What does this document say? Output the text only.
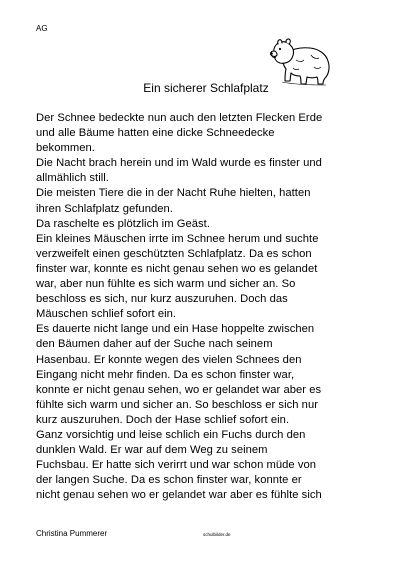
AG
Ein sicherer Schlafplatz
Der Schnee bedeckte nun auch den letzten Flecken Erde
und alle Bäume hatten eine dicke Schneedecke
bekommen.
Die Nacht brach herein und im Wald wurde es finster und
allmählich still.
Die meisten Tiere die in der Nacht Ruhe hielten, hatten
ihren Schlafplatz gefunden.
Da raschelte es plötzlich im Geäst.
Ein kleines Mäuschen irrte im Schnee herum und suchte
verzweifelt einen geschützten Schlafplatz. Da es schon
finster war, konnte es nicht genau sehen wo es gelandet
war, aber nun fühlte es sich warm und sicher an. So
beschloss es sich, nur kurz auszuruhen. Doch das
Mäuschen schlief sofort ein.
Es dauerte nicht lange und ein Hase hoppelte zwischen
den Bäumen daher auf der Suche nach seinem
Hasenbau. Er konnte wegen des vielen Schnees den
Eingang nicht mehr finden. Da es schon finster war,
konnte er nicht genau sehen, wo er gelandet war aber es
fühlte sich warm und sicher an. So beschloss er sich nur
kurz auszuruhen. Doch der Hase schlief sofort ein.
Ganz vorsichtig und leise schlich ein Fuchs durch den
dunklen Wald. Er war auf dem Weg zu seinem
Fuchsbau. Er hatte sich verirrt und war schon müde von
der langen Suche. Da es schon finster war, konnte er
nicht genau sehen wo er gelandet war aber es fühlte sich
Christina Pummerer	schulbilder.de
